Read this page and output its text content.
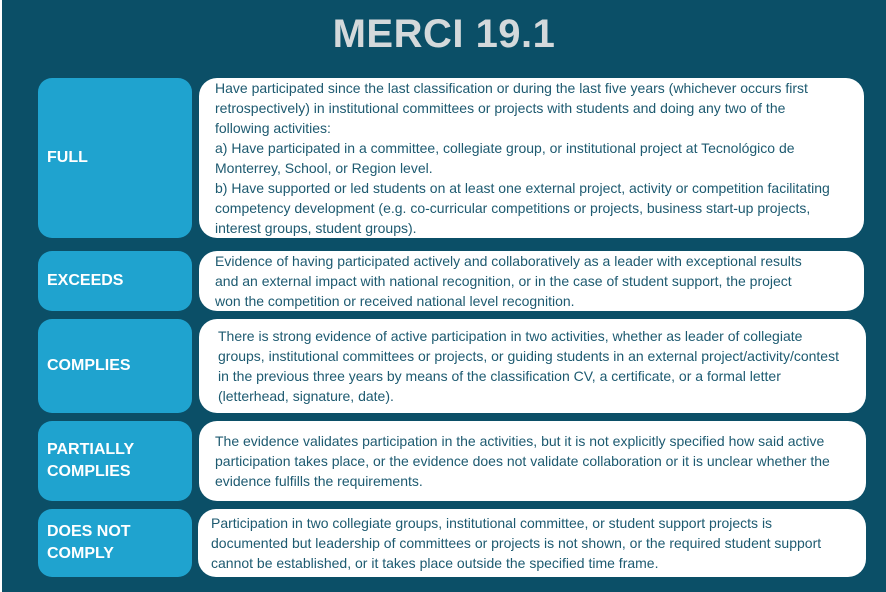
MERCI 19.1
FULL
Have participated since the last classification or during the last five years (whichever occurs first
retrospectively) in institutional committees or projects with students and doing any two of the
following activities:
a) Have participated in a committee, collegiate group, or institutional project at Tecnológico de
Monterrey, School, or Region level.
b) Have supported or led students on at least one external project, activity or competition facilitating
competency development (e.g. co-curricular competitions or projects, business start-up projects,
interest groups, student groups).
EXCEEDS
Evidence of having participated actively and collaboratively as a leader with exceptional results
and an external impact with national recognition, or in the case of student support, the project
won the competition or received national level recognition.
COMPLIES
There is strong evidence of active participation in two activities, whether as leader of collegiate
groups, institutional committees or projects, or guiding students in an external project/activity/contest
in the previous three years by means of the classification CV, a certificate, or a formal letter
(letterhead, signature, date).
PARTIALLY
COMPLIES
The evidence validates participation in the activities, but it is not explicitly specified how said active
participation takes place, or the evidence does not validate collaboration or it is unclear whether the
evidence fulfills the requirements.
DOES NOT
COMPLY
Participation in two collegiate groups, institutional committee, or student support projects is
documented but leadership of committees or projects is not shown, or the required student support
cannot be established, or it takes place outside the specified time frame.
